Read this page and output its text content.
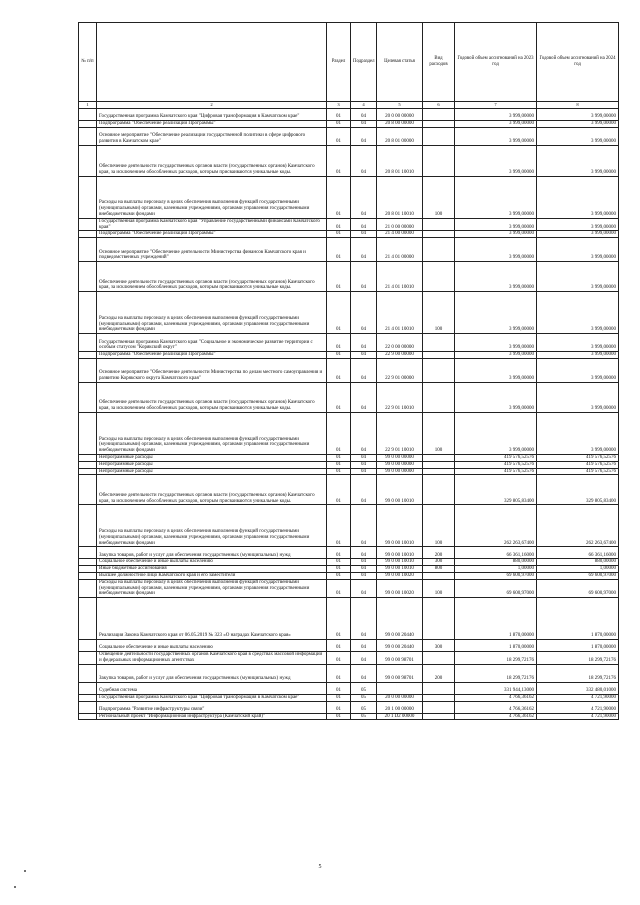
№ п/п		Раздел	Подраздел	Целевая статья	Вид расходов	Годовой объем ассигнований на 2023 год	Годовой объем ассигнований на 2024 год
1	2	3	4	5	6	7	8
	Государственная программа Камчатского края "Цифровая трансформация в Камчатском крае"	01	04	20 0 00 00000		3 999,00000	3 999,00000
	Подпрограмма "Обеспечение реализации Программы"	01	04	20 8 00 00000		3 999,00000	3 999,00000
	Основное мероприятие "Обеспечение реализации государственной политики в сфере цифрового развития в Камчатском крае"	01	04	20 8 01 00000		3 999,00000	3 999,00000
	Обеспечение деятельности государственных органов власти (государственных органов) Камчатского края, за исключением обособленных расходов, которым присваиваются уникальные коды.	01	04	20 8 01 10010		3 999,00000	3 999,00000
	Расходы на выплаты персоналу в целях обеспечения выполнения функций государственными (муниципальными) органами, казенными учреждениями, органами управления государственными внебюджетными фондами	01	04	20 8 01 10010	100	3 999,00000	3 999,00000
	Государственная программа Камчатского края "Управление государственными финансами Камчатского края"	01	04	21 0 00 00000		3 999,00000	3 999,00000
	Подпрограмма "Обеспечение реализации Программы"	01	04	21 4 00 00000		3 999,00000	3 999,00000
	Основное мероприятие "Обеспечение деятельности Министерства финансов Камчатского края и подведомственных учреждений"	01	04	21 4 01 00000		3 999,00000	3 999,00000
	Обеспечение деятельности государственных органов власти (государственных органов) Камчатского края, за исключением обособленных расходов, которым присваиваются уникальные коды.	01	04	21 4 01 10010		3 999,00000	3 999,00000
	Расходы на выплаты персоналу в целях обеспечения выполнения функций государственными (муниципальными) органами, казенными учреждениями, органами управления государственными внебюджетными фондами	01	04	21 4 01 10010	100	3 999,00000	3 999,00000
	Государственная программа Камчатского края "Социальное и экономическое развитие территории с особым статусом "Корякский округ"	01	04	22 0 00 00000		3 999,00000	3 999,00000
	Подпрограмма "Обеспечение реализации Программы"	01	04	22 9 00 00000		3 999,00000	3 999,00000
	Основное мероприятие "Обеспечение деятельности Министерства по делам местного самоуправления и развитию Корякского округа Камчатского края"	01	04	22 9 01 00000		3 999,00000	3 999,00000
	Обеспечение деятельности государственных органов власти (государственных органов) Камчатского края, за исключением обособленных расходов, которым присваиваются уникальные коды.	01	04	22 9 01 10010		3 999,00000	3 999,00000
	Расходы на выплаты персоналу в целях обеспечения выполнения функций государственными (муниципальными) органами, казенными учреждениями, органами управления государственными внебюджетными фондами	01	04	22 9 01 10010	100	3 999,00000	3 999,00000
	Непрограммные расходы	01	04	99 0 00 00000		419 576,52576	419 576,52576
	Непрограммные расходы	01	04	99 0 00 00000		419 576,52576	419 576,52576
	Непрограммные расходы	01	04	99 0 00 00000		419 576,52576	419 576,52576
	Обеспечение деятельности государственных органов власти (государственных органов) Камчатского края, за исключением обособленных расходов, которым присваиваются уникальные коды.	01	04	99 0 00 10010		329 805,83400	329 805,83400
	Расходы на выплаты персоналу в целях обеспечения выполнения функций государственными (муниципальными) органами, казенными учреждениями, органами управления государственными внебюджетными фондами	01	04	99 0 00 10010	100	262 263,67400	262 263,67400
	Закупка товаров, работ и услуг для обеспечения государственных (муниципальных) нужд	01	04	99 0 00 10010	200	66 361,16000	66 361,16000
	Социальное обеспечение и иные выплаты населению	01	04	99 0 00 10010	300	880,00000	880,00000
	Иные бюджетные ассигнования	01	04	99 0 00 10010	800	1,00000	1,00000
	Высшее должностное лицо Камчатского края и его заместители	01	04	99 0 00 10020		69 600,97000	69 600,97000
	Расходы на выплаты персоналу в целях обеспечения выполнения функций государственными (муниципальными) органами, казенными учреждениями, органами управления государственными внебюджетными фондами	01	04	99 0 00 10020	100	69 600,97000	69 600,97000
	Реализация Закона Камчатского края от 06.05.2019 № 323 «О наградах Камчатского края»	01	04	99 0 00 20440		1 870,00000	1 870,00000
	Социальное обеспечение и иные выплаты населению	01	04	99 0 00 20440	300	1 870,00000	1 870,00000
	Освещение деятельности государственных органов Камчатского края в средствах массовой информации и федеральных информационных агентствах	01	04	99 0 00 98701		18 299,72176	18 299,72176
	Закупка товаров, работ и услуг для обеспечения государственных (муниципальных) нужд	01	04	99 0 00 98701	200	18 299,72176	18 299,72176
	Судебная система	01	05			331 944,13000	332 480,01000
	Государственная программа Камчатского края "Цифровая трансформация в Камчатском крае"	01	05	20 0 00 00000		4 766,36162	4 721,90000
	Подпрограмма "Развитие инфраструктуры связи"	01	05	20 1 00 00000		4 766,36162	4 721,90000
	Региональный проект "Информационная инфраструктура (Камчатский край)"	01	05	20 1 D2 00000		4 766,36162	4 721,90000
5
